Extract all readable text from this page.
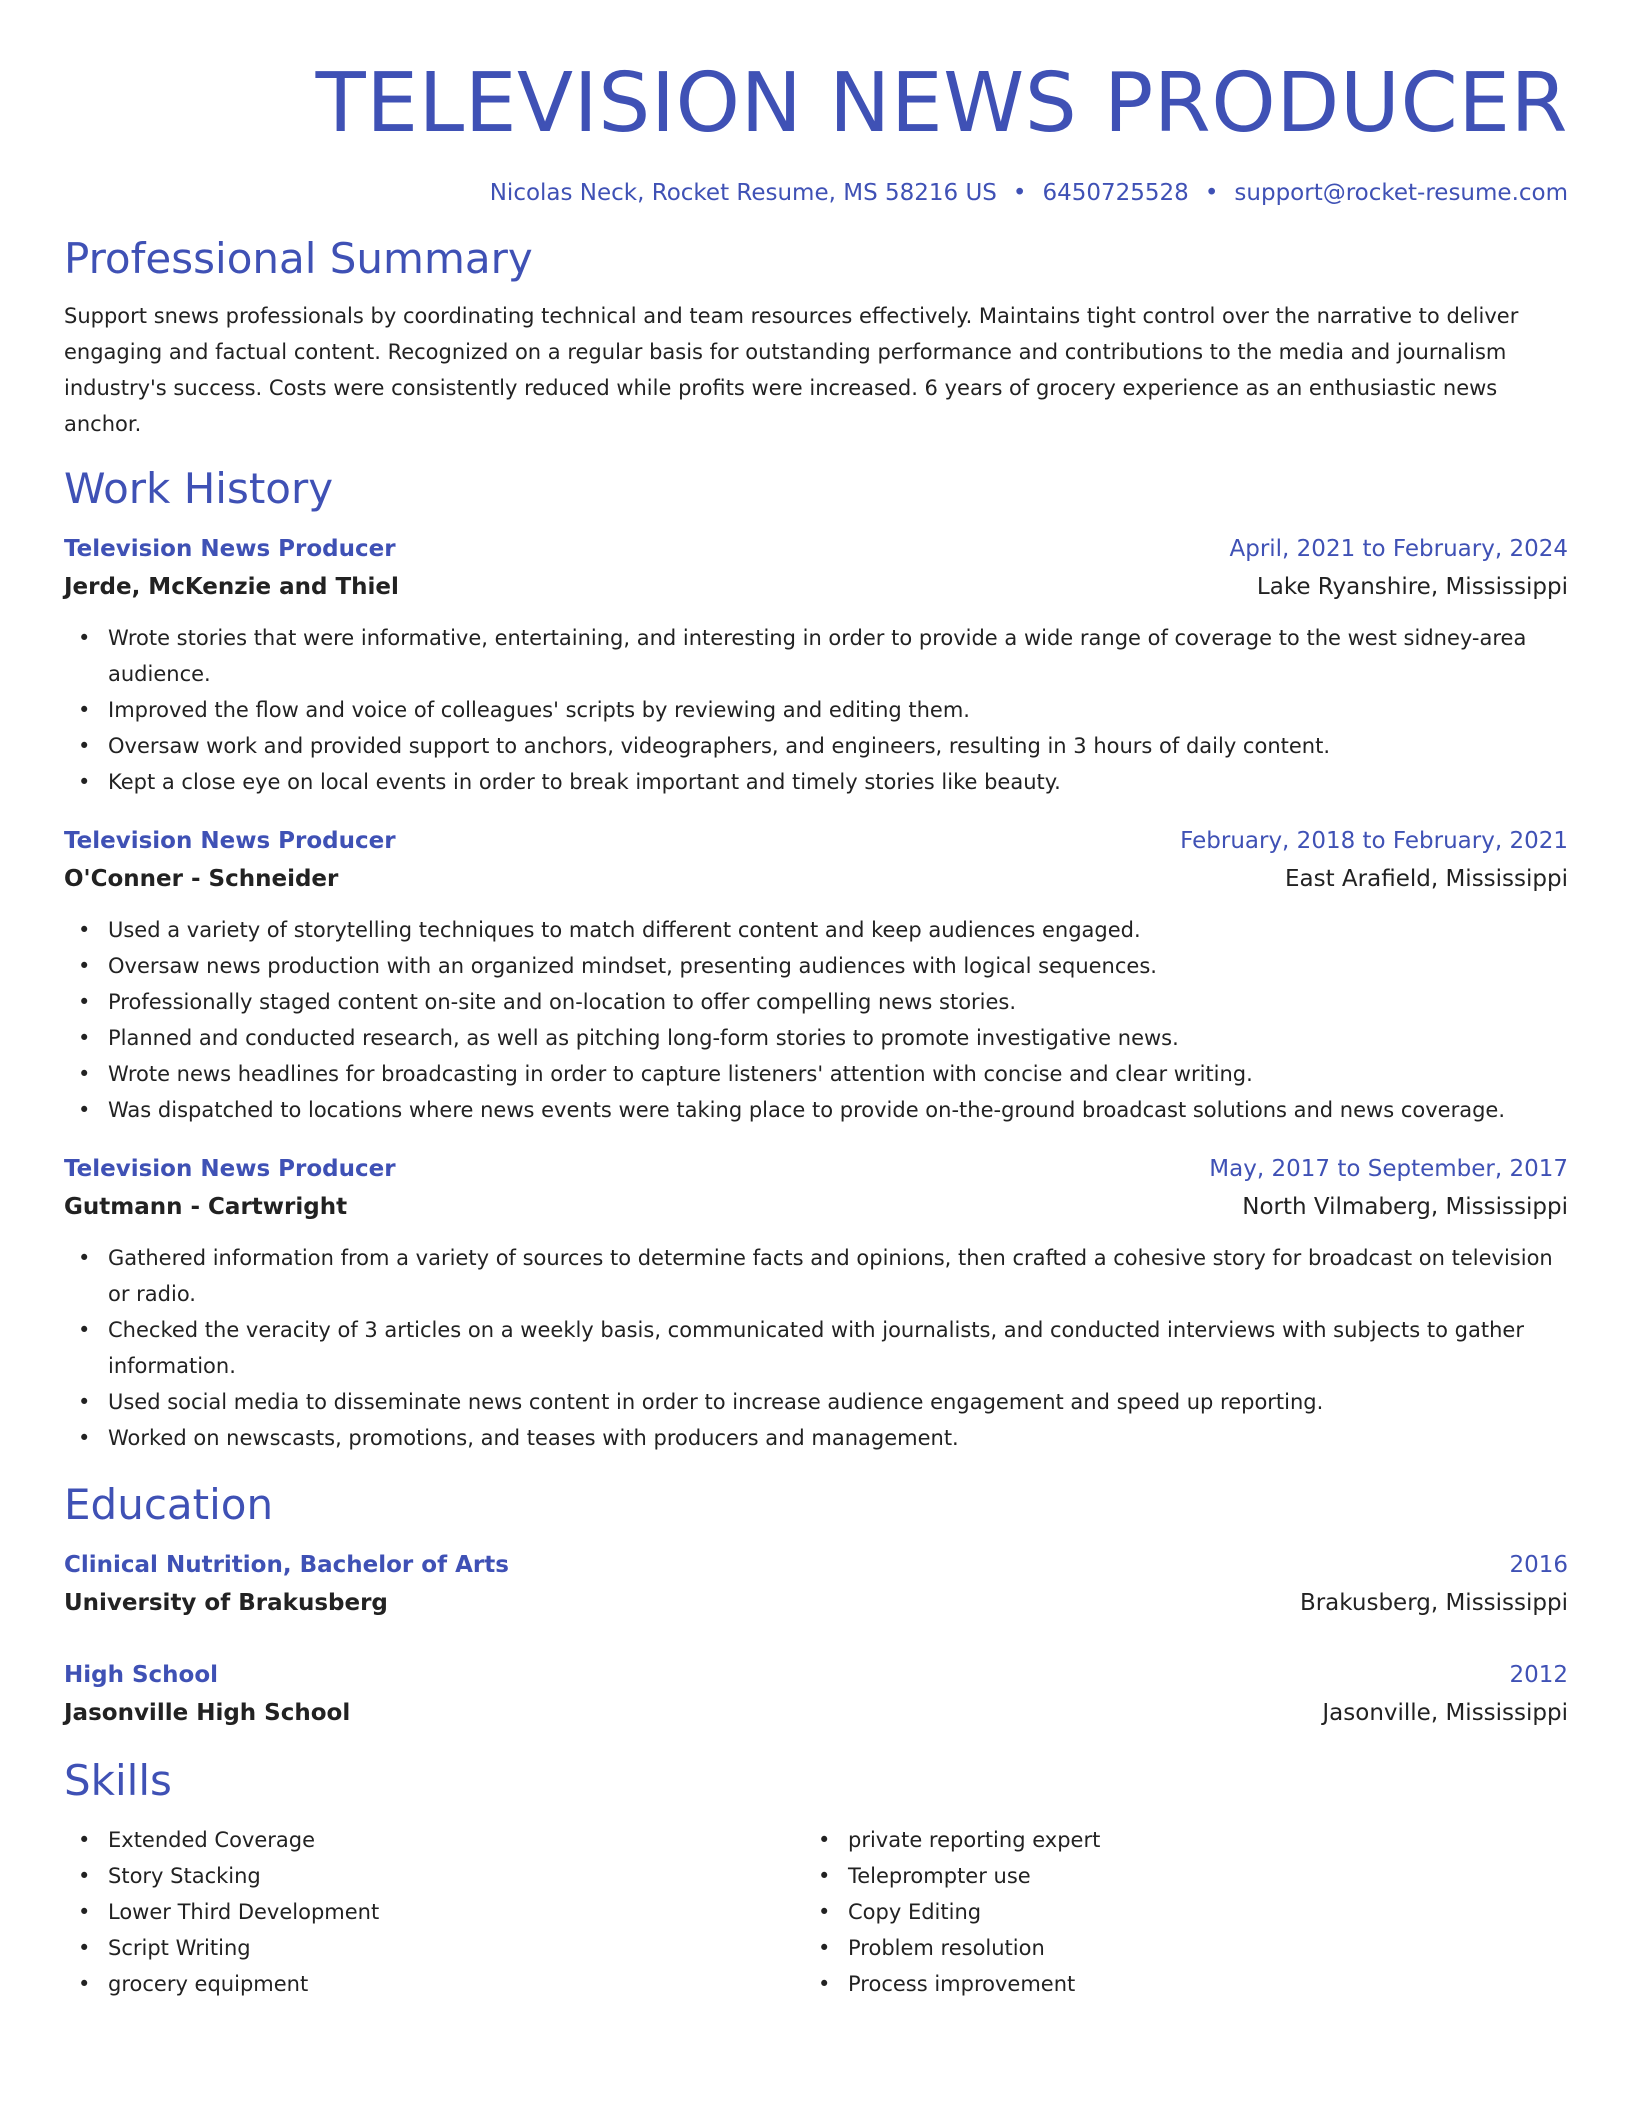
TELEVISION NEWS PRODUCER
Nicolas Neck, Rocket Resume, MS 58216 US • 6450725528 • support@rocket-resume.com
Professional Summary

Support snews professionals by coordinating technical and team resources effectively. Maintains tight control over the narrative to deliver engaging and factual content. Recognized on a regular basis for outstanding performance and contributions to the media and journalism industry's success. Costs were consistently reduced while profits were increased. 6 years of grocery experience as an enthusiastic news anchor.

Work History
Television News Producer	April, 2021 to February, 2024
Jerde, McKenzie and Thiel	Lake Ryanshire, Mississippi
• Wrote stories that were informative, entertaining, and interesting in order to provide a wide range of coverage to the west sidney-area audience.
• Improved the flow and voice of colleagues' scripts by reviewing and editing them.
• Oversaw work and provided support to anchors, videographers, and engineers, resulting in 3 hours of daily content.
• Kept a close eye on local events in order to break important and timely stories like beauty.
Television News Producer	February, 2018 to February, 2021
O'Conner - Schneider	East Arafield, Mississippi
• Used a variety of storytelling techniques to match different content and keep audiences engaged.
• Oversaw news production with an organized mindset, presenting audiences with logical sequences.
• Professionally staged content on-site and on-location to offer compelling news stories.
• Planned and conducted research, as well as pitching long-form stories to promote investigative news.
• Wrote news headlines for broadcasting in order to capture listeners' attention with concise and clear writing.
• Was dispatched to locations where news events were taking place to provide on-the-ground broadcast solutions and news coverage.
Television News Producer	May, 2017 to September, 2017
Gutmann - Cartwright	North Vilmaberg, Mississippi
• Gathered information from a variety of sources to determine facts and opinions, then crafted a cohesive story for broadcast on television or radio.
• Checked the veracity of 3 articles on a weekly basis, communicated with journalists, and conducted interviews with subjects to gather information.
• Used social media to disseminate news content in order to increase audience engagement and speed up reporting.
• Worked on newscasts, promotions, and teases with producers and management.
Education
Clinical Nutrition, Bachelor of Arts	2016
University of Brakusberg	Brakusberg, Mississippi
High School	2012
Jasonville High School	Jasonville, Mississippi
Skills
• Extended Coverage
• Story Stacking
• Lower Third Development
• Script Writing
• grocery equipment
• private reporting expert
• Teleprompter use
• Copy Editing
• Problem resolution
• Process improvement
